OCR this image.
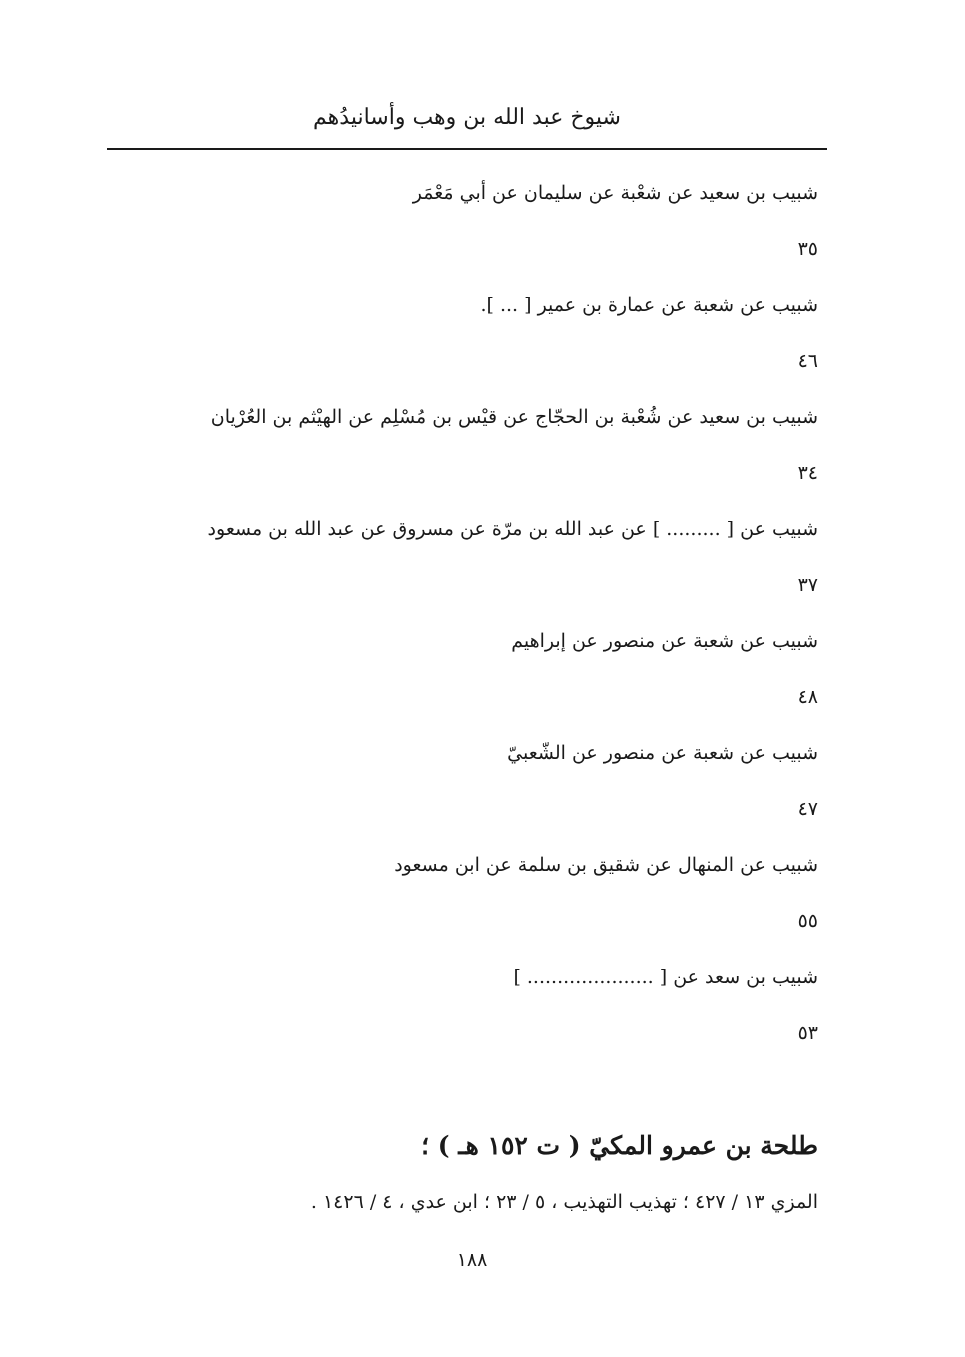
شيوخ عبد الله بن وهب وأسانيدُهم
شبيب بن سعيد عن شعْبة عن سليمان عن أبي مَعْمَر
٣٥
شبيب عن شعبة عن عمارة بن عمير [ ... ].
٤٦
شبيب بن سعيد عن شُعْبة بن الحجّاج عن قيْس بن مُسْلِم عن الهيْثم بن العُرْيان
٣٤
شبيب عن [ ......... ] عن عبد الله بن مرّة عن مسروق عن عبد الله بن مسعود
٣٧
شبيب عن شعبة عن منصور عن إبراهيم
٤٨
شبيب عن شعبة عن منصور عن الشّعبيّ
٤٧
شبيب عن المنهال عن شقيق بن سلمة عن ابن مسعود
٥٥
شبيب بن سعد عن [ ..................... ]
٥٣
طلحة بن عمرو المكيّ ( ت ١٥٢ هـ ) ؛
المزي ١٣ / ٤٢٧ ؛ تهذيب التهذيب ، ٥ / ٢٣ ؛ ابن عدي ، ٤ / ١٤٢٦ .
١٨٨
